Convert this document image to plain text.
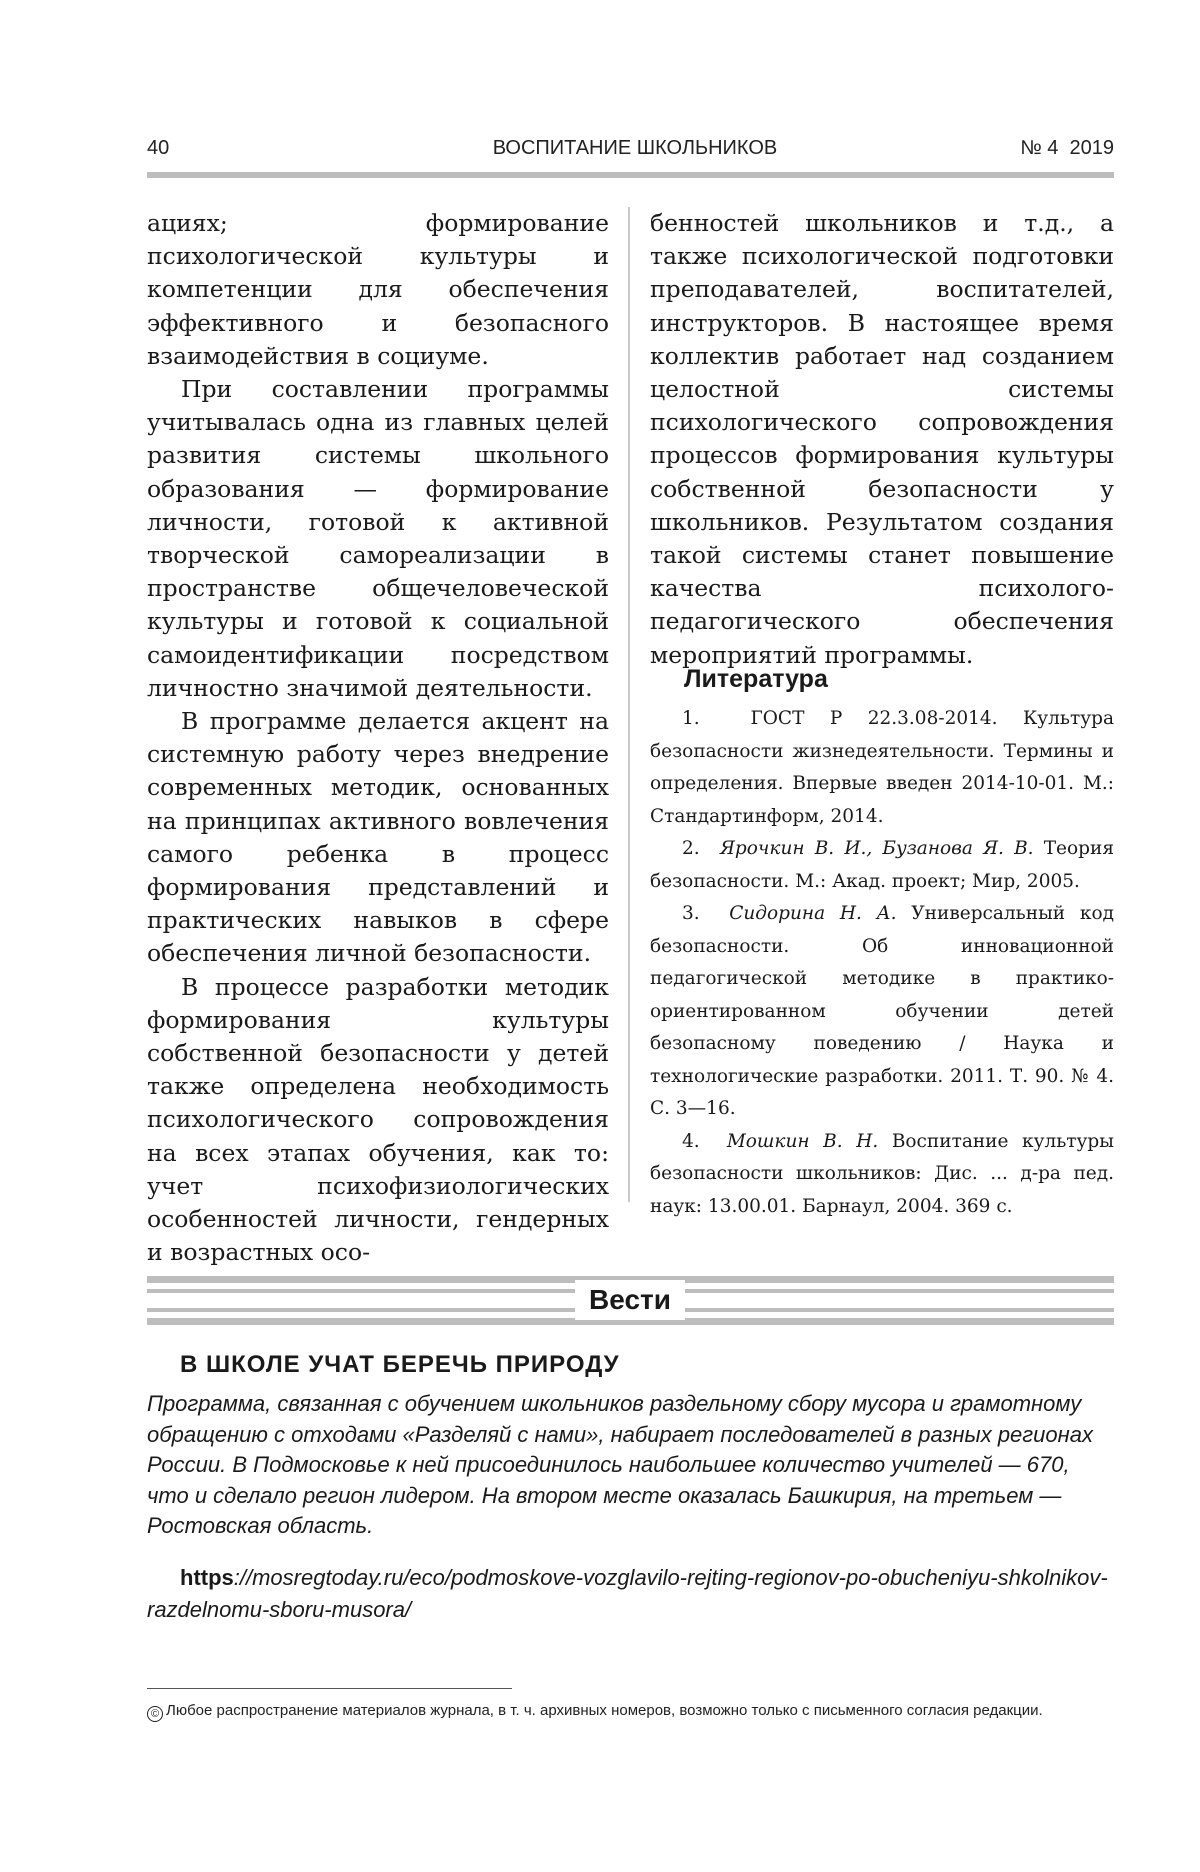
40	ВОСПИТАНИЕ ШКОЛЬНИКОВ	№ 4  2019

ациях; формирование психологической культуры и компетенции для обеспечения эффективного и безопасного взаимодействия в социуме.

При составлении программы учитывалась одна из главных целей развития системы школьного образования — формирование личности, готовой к активной творческой самореализации в пространстве общечеловеческой культуры и готовой к социальной самоидентификации посредством личностно значимой деятельности.

В программе делается акцент на системную работу через внедрение современных методик, основанных на принципах активного вовлечения самого ребенка в процесс формирования представлений и практических навыков в сфере обеспечения личной безопасности.

В процессе разработки методик формирования культуры собственной безопасности у детей также определена необходимость психологического сопровождения на всех этапах обучения, как то: учет психофизиологических особенностей личности, гендерных и возрастных осо-

бенностей школьников и т.д., а также психологической подготовки преподавателей, воспитателей, инструкторов. В настоящее время коллектив работает над созданием целостной системы психологического сопровождения процессов формирования культуры собственной безопасности у школьников. Результатом создания такой системы станет повышение качества психолого-педагогического обеспечения мероприятий программы.

Литература

1.	ГОСТ Р 22.3.08-2014. Культура безопасности жизнедеятельности. Термины и определения. Впервые введен 2014-10-01. М.: Стандартинформ, 2014.

2. Ярочкин В. И., Бузанова Я. В. Теория безопасности. М.: Акад. проект; Мир, 2005.

3. Сидорина Н. А. Универсальный код безопасности. Об инновационной педагогической методике в практико-ориентированном обучении детей безопасному поведению / Наука и технологические разработки. 2011. Т. 90. № 4. С. 3—16.

4. Мошкин В. Н. Воспитание культуры безопасности школьников: Дис. ... д-ра пед. наук: 13.00.01. Барнаул, 2004. 369 с.

Вести
В ШКОЛЕ УЧАТ БЕРЕЧЬ ПРИРОДУ
Программа, связанная с обучением школьников раздельному сбору мусора и грамотному обращению с отходами «Разделяй с нами», набирает последователей в разных регионах России. В Подмосковье к ней присоединилось наибольшее количество учителей — 670, что и сделало регион лидером. На втором месте оказалась Башкирия, на третьем — Ростовская область.
https://mosregtoday.ru/eco/podmoskove-vozglavilo-rejting-regionov-po-obucheniyu-shkolnikov-
razdelnomu-sboru-musora/
© Любое распространение материалов журнала, в т. ч. архивных номеров, возможно только с письменного согласия редакции.
